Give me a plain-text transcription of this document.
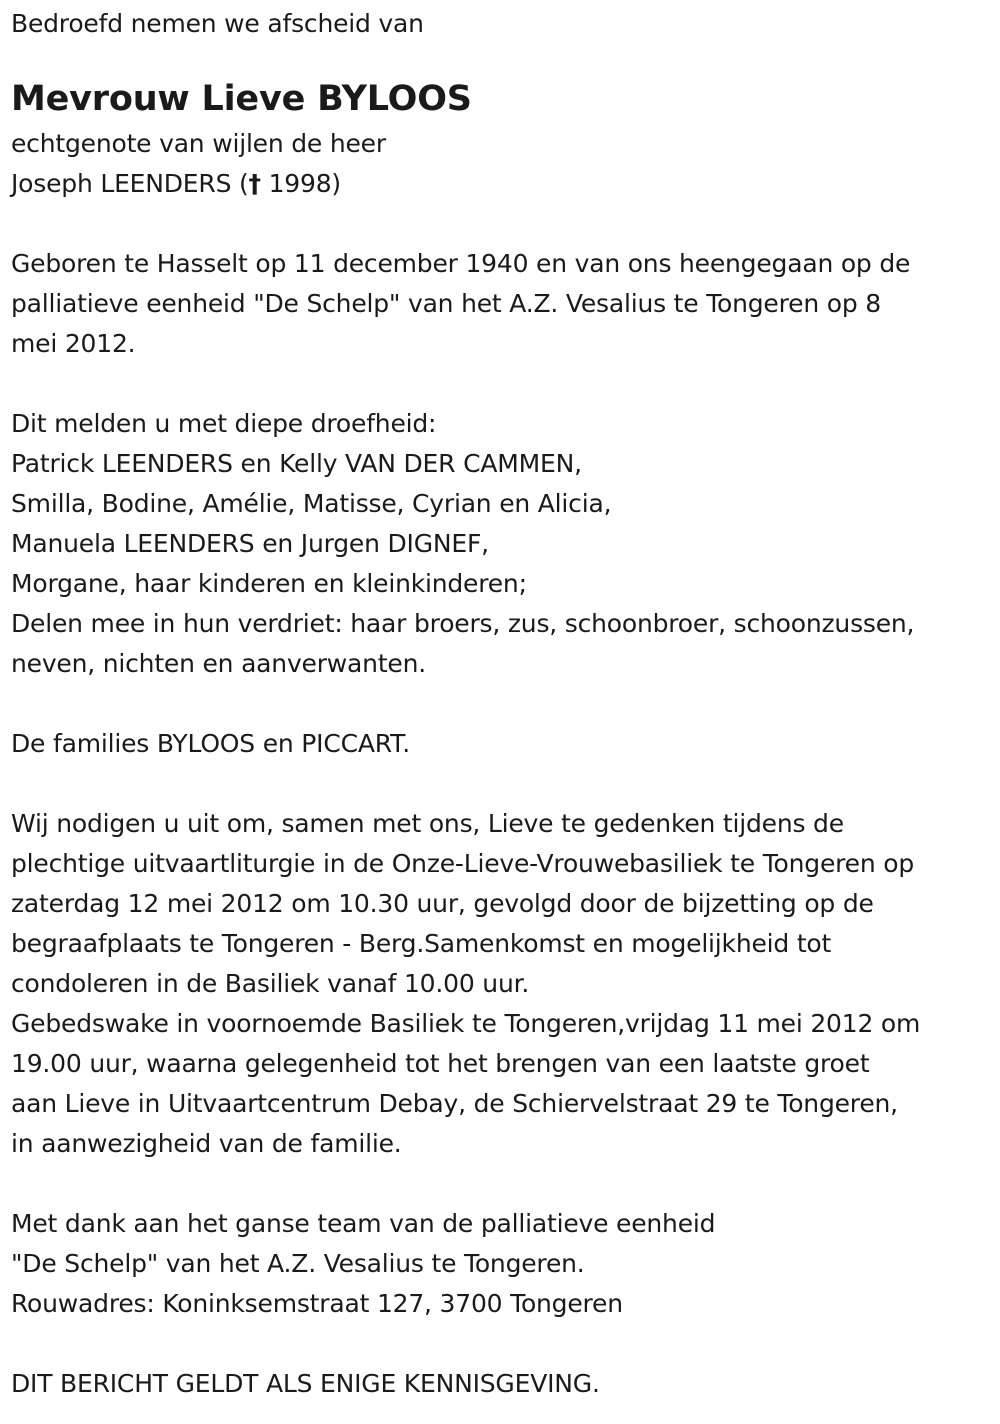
Bedroefd nemen we afscheid van
Mevrouw Lieve BYLOOS
echtgenote van wijlen de heer
Joseph LEENDERS († 1998)
Geboren te Hasselt op 11 december 1940 en van ons heengegaan op de
palliatieve eenheid "De Schelp" van het A.Z. Vesalius te Tongeren op 8
mei 2012.
Dit melden u met diepe droefheid:
Patrick LEENDERS en Kelly VAN DER CAMMEN,
Smilla, Bodine, Amélie, Matisse, Cyrian en Alicia,
Manuela LEENDERS en Jurgen DIGNEF,
Morgane, haar kinderen en kleinkinderen;
Delen mee in hun verdriet: haar broers, zus, schoonbroer, schoonzussen,
neven, nichten en aanverwanten.
De families BYLOOS en PICCART.
Wij nodigen u uit om, samen met ons, Lieve te gedenken tijdens de
plechtige uitvaartliturgie in de Onze-Lieve-Vrouwebasiliek te Tongeren op
zaterdag 12 mei 2012 om 10.30 uur, gevolgd door de bijzetting op de
begraafplaats te Tongeren - Berg.Samenkomst en mogelijkheid tot
condoleren in de Basiliek vanaf 10.00 uur.
Gebedswake in voornoemde Basiliek te Tongeren,vrijdag 11 mei 2012 om
19.00 uur, waarna gelegenheid tot het brengen van een laatste groet
aan Lieve in Uitvaartcentrum Debay, de Schiervelstraat 29 te Tongeren,
in aanwezigheid van de familie.
Met dank aan het ganse team van de palliatieve eenheid
"De Schelp" van het A.Z. Vesalius te Tongeren.
Rouwadres: Koninksemstraat 127, 3700 Tongeren
DIT BERICHT GELDT ALS ENIGE KENNISGEVING.
